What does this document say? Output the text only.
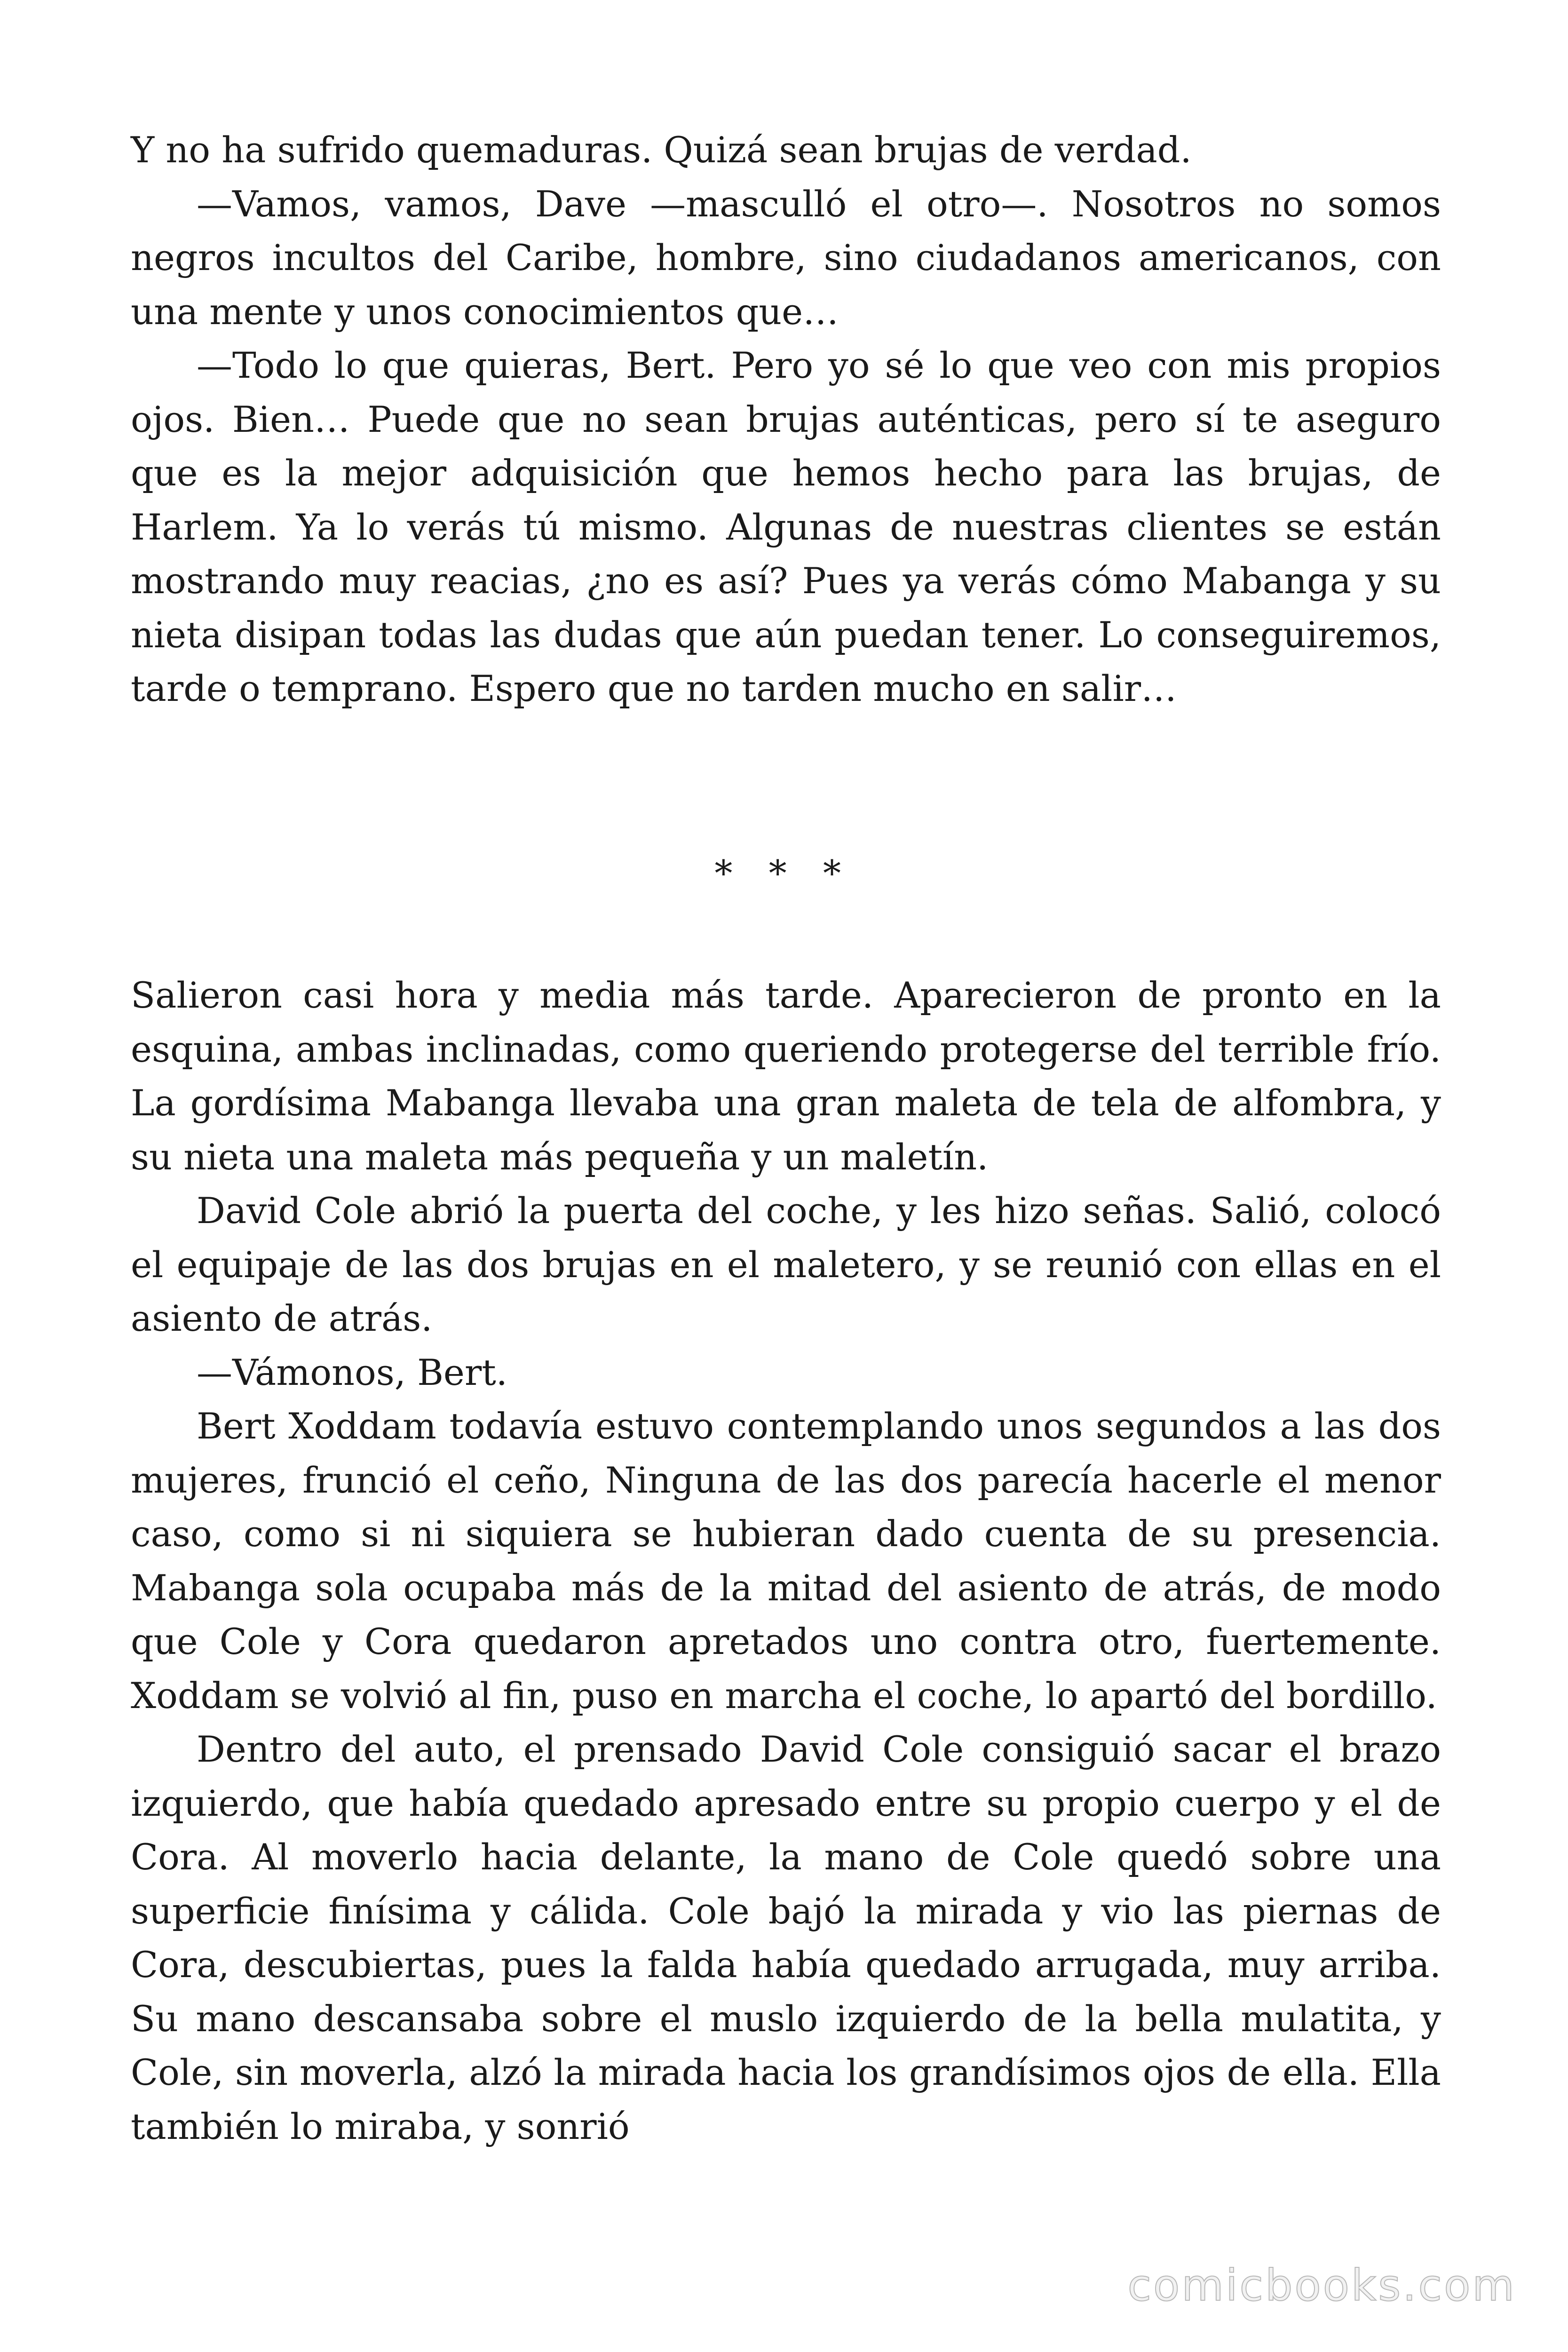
Y no ha sufrido quemaduras. Quizá sean brujas de verdad.

—Vamos, vamos, Dave —masculló el otro—. Nosotros no somos negros incultos del Caribe, hombre, sino ciudadanos americanos, con una mente y unos conocimientos que…

—Todo lo que quieras, Bert. Pero yo sé lo que veo con mis propios ojos. Bien… Puede que no sean brujas auténticas, pero sí te aseguro que es la mejor adquisición que hemos hecho para las brujas, de Harlem. Ya lo verás tú mismo. Algunas de nuestras clientes se están mostrando muy reacias, ¿no es así? Pues ya verás cómo Mabanga y su nieta disipan todas las dudas que aún puedan tener. Lo conseguiremos, tarde o temprano. Espero que no tarden mucho en salir…

* * *

Salieron casi hora y media más tarde. Aparecieron de pronto en la esquina, ambas inclinadas, como queriendo protegerse del terrible frío. La gordísima Mabanga llevaba una gran maleta de tela de alfombra, y su nieta una maleta más pequeña y un maletín.

David Cole abrió la puerta del coche, y les hizo señas. Salió, colocó el equipaje de las dos brujas en el maletero, y se reunió con ellas en el asiento de atrás.

—Vámonos, Bert.

Bert Xoddam todavía estuvo contemplando unos segundos a las dos mujeres, frunció el ceño, Ninguna de las dos parecía hacerle el menor caso, como si ni siquiera se hubieran dado cuenta de su presencia. Mabanga sola ocupaba más de la mitad del asiento de atrás, de modo que Cole y Cora quedaron apretados uno contra otro, fuertemente. Xoddam se volvió al fin, puso en marcha el coche, lo apartó del bordillo.

Dentro del auto, el prensado David Cole consiguió sacar el brazo izquierdo, que había quedado apresado entre su propio cuerpo y el de Cora. Al moverlo hacia delante, la mano de Cole quedó sobre una superficie finísima y cálida. Cole bajó la mirada y vio las piernas de Cora, descubiertas, pues la falda había quedado arrugada, muy arriba. Su mano descansaba sobre el muslo izquierdo de la bella mulatita, y Cole, sin moverla, alzó la mirada hacia los grandísimos ojos de ella. Ella también lo miraba, y sonrió

comicbooks.com
